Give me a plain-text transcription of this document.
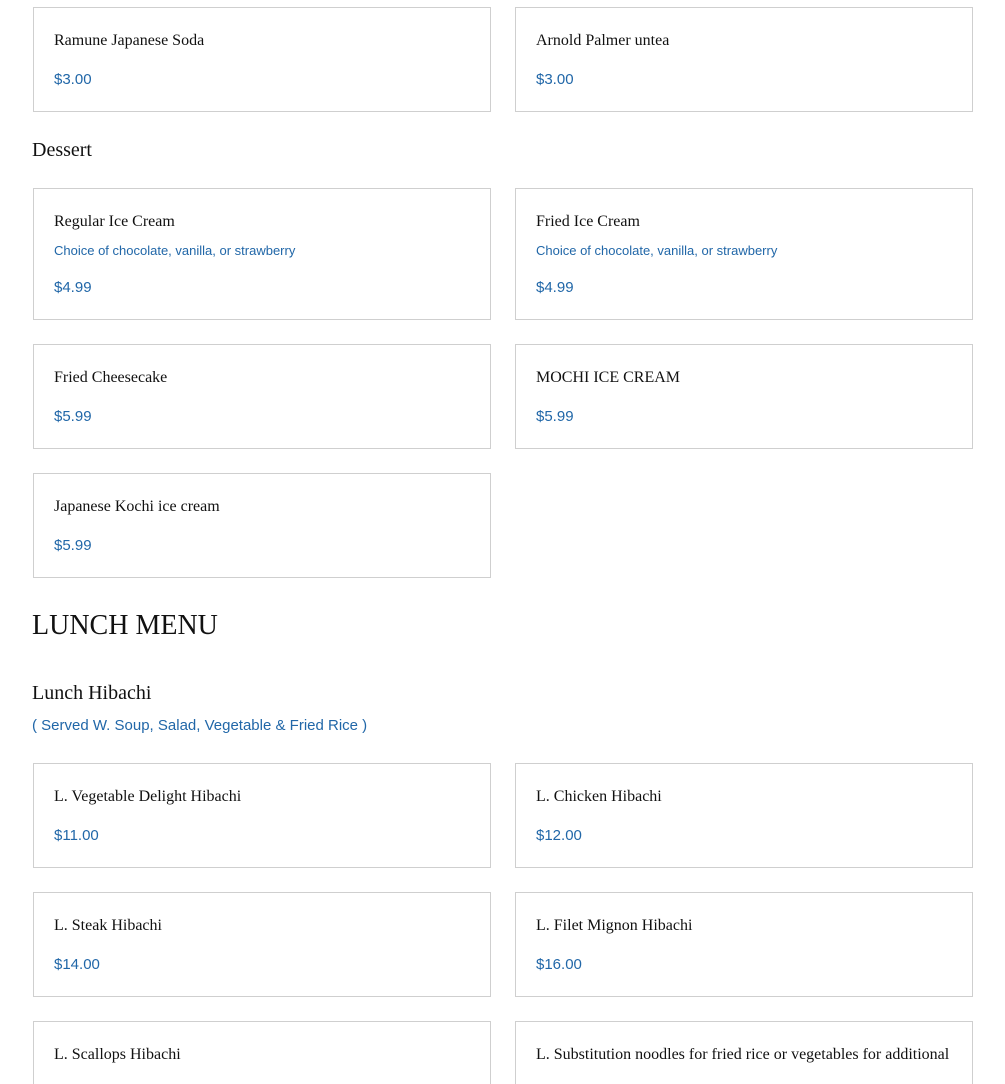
Ramune Japanese Soda
$3.00
Arnold Palmer untea
$3.00
Dessert
Regular Ice Cream
Choice of chocolate, vanilla, or strawberry
$4.99
Fried Ice Cream
Choice of chocolate, vanilla, or strawberry
$4.99
Fried Cheesecake
$5.99
MOCHI ICE CREAM
$5.99
Japanese Kochi ice cream
$5.99
LUNCH MENU
Lunch Hibachi
( Served W. Soup, Salad, Vegetable & Fried Rice )
L. Vegetable Delight Hibachi
$11.00
L. Chicken Hibachi
$12.00
L. Steak Hibachi
$14.00
L. Filet Mignon Hibachi
$16.00
L. Scallops Hibachi	L. Substitution noodles for fried rice or vegetables for additional
